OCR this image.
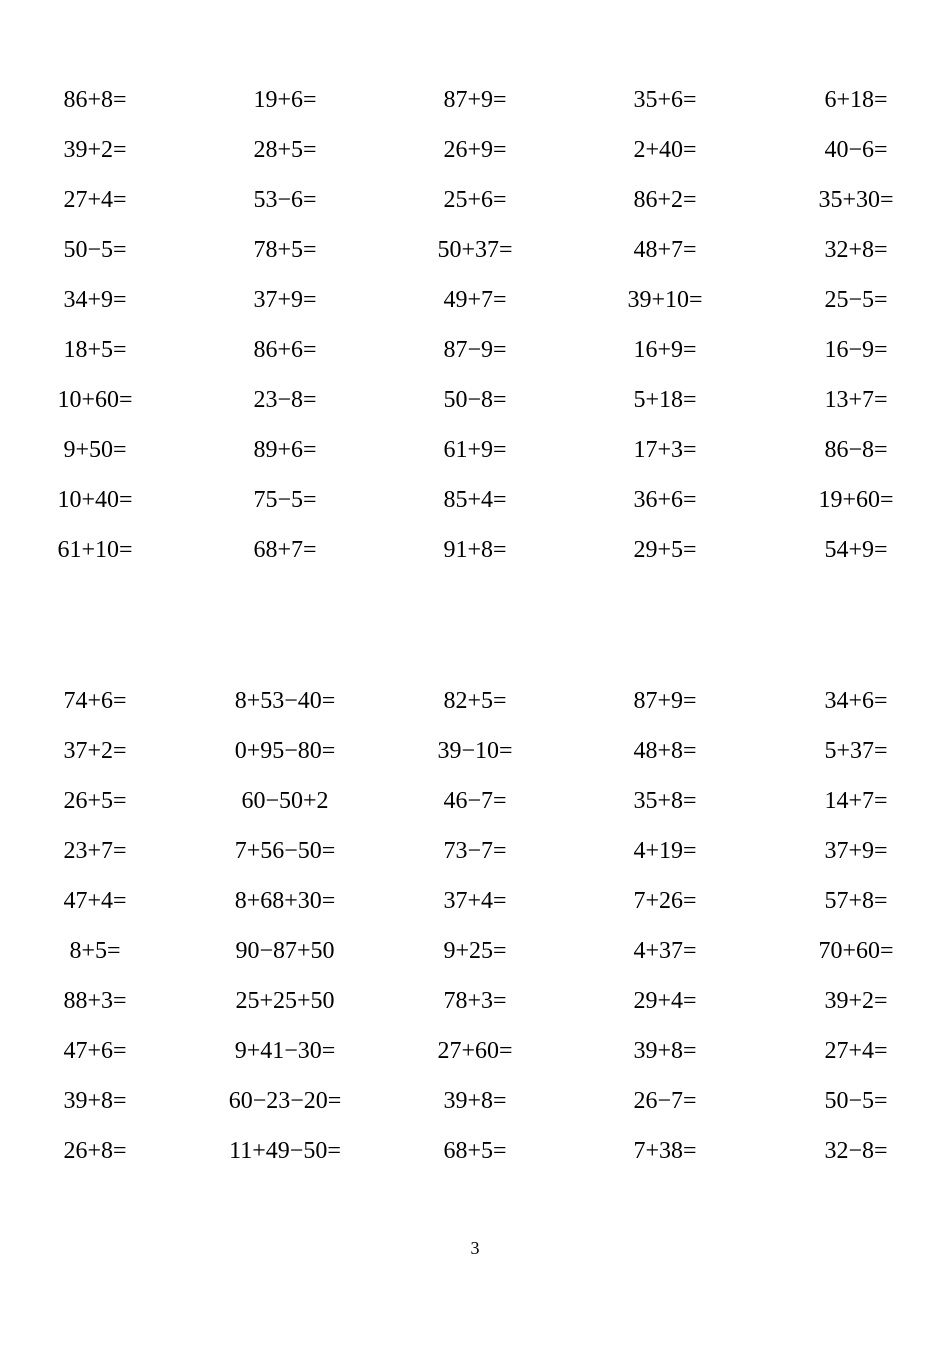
86+8=	19+6=	87+9=	35+6=	6+18=
39+2=	28+5=	26+9=	2+40=	40−6=
27+4=	53−6=	25+6=	86+2=	35+30=
50−5=	78+5=	50+37=	48+7=	32+8=
34+9=	37+9=	49+7=	39+10=	25−5=
18+5=	86+6=	87−9=	16+9=	16−9=
10+60=	23−8=	50−8=	5+18=	13+7=
9+50=	89+6=	61+9=	17+3=	86−8=
10+40=	75−5=	85+4=	36+6=	19+60=
61+10=	68+7=	91+8=	29+5=	54+9=
74+6=	8+53−40=	82+5=	87+9=	34+6=
37+2=	0+95−80=	39−10=	48+8=	5+37=
26+5=	60−50+2	46−7=	35+8=	14+7=
23+7=	7+56−50=	73−7=	4+19=	37+9=
47+4=	8+68+30=	37+4=	7+26=	57+8=
8+5=	90−87+50	9+25=	4+37=	70+60=
88+3=	25+25+50	78+3=	29+4=	39+2=
47+6=	9+41−30=	27+60=	39+8=	27+4=
39+8=	60−23−20=	39+8=	26−7=	50−5=
26+8=	11+49−50=	68+5=	7+38=	32−8=
3
